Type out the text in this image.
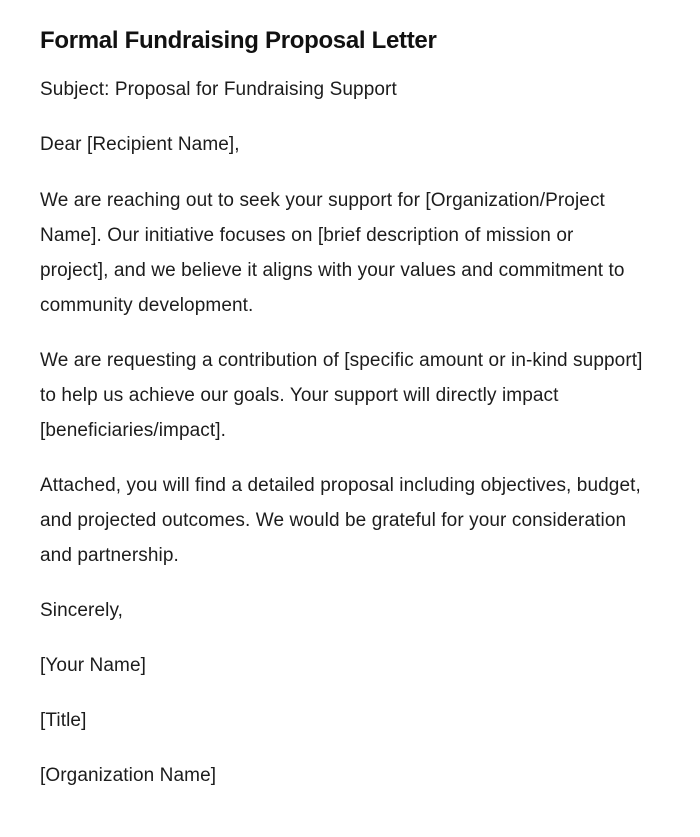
Formal Fundraising Proposal Letter

Subject: Proposal for Fundraising Support

Dear [Recipient Name],

We are reaching out to seek your support for [Organization/Project Name]. Our initiative focuses on [brief description of mission or project], and we believe it aligns with your values and commitment to community development.

We are requesting a contribution of [specific amount or in-kind support] to help us achieve our goals. Your support will directly impact [beneficiaries/impact].

Attached, you will find a detailed proposal including objectives, budget, and projected outcomes. We would be grateful for your consideration and partnership.

Sincerely,

[Your Name]

[Title]

[Organization Name]
